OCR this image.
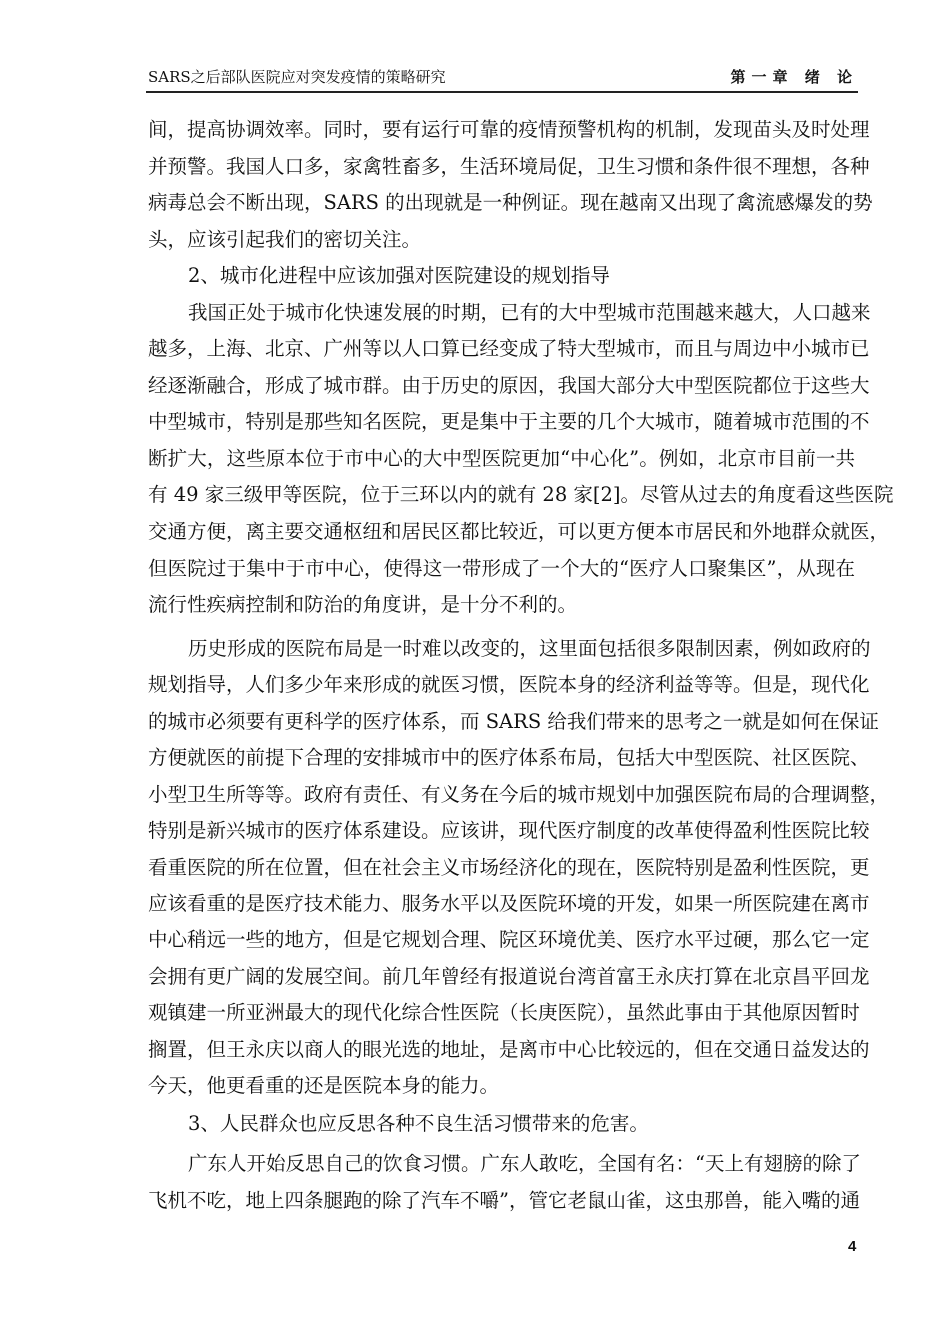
SARS之后部队医院应对突发疫情的策略研究	第一章 绪 论
间，提高协调效率。同时，要有运行可靠的疫情预警机构的机制，发现苗头及时处理
并预警。我国人口多，家禽牲畜多，生活环境局促，卫生习惯和条件很不理想，各种
病毒总会不断出现，SARS 的出现就是一种例证。现在越南又出现了禽流感爆发的势
头，应该引起我们的密切关注。
2、城市化进程中应该加强对医院建设的规划指导
我国正处于城市化快速发展的时期，已有的大中型城市范围越来越大，人口越来
越多，上海、北京、广州等以人口算已经变成了特大型城市，而且与周边中小城市已
经逐渐融合，形成了城市群。由于历史的原因，我国大部分大中型医院都位于这些大
中型城市，特别是那些知名医院，更是集中于主要的几个大城市，随着城市范围的不
断扩大，这些原本位于市中心的大中型医院更加“中心化”。例如，北京市目前一共
有 49 家三级甲等医院，位于三环以内的就有 28 家[2]。尽管从过去的角度看这些医院
交通方便，离主要交通枢纽和居民区都比较近，可以更方便本市居民和外地群众就医，
但医院过于集中于市中心，使得这一带形成了一个大的“医疗人口聚集区”，从现在
流行性疾病控制和防治的角度讲，是十分不利的。
历史形成的医院布局是一时难以改变的，这里面包括很多限制因素，例如政府的
规划指导，人们多少年来形成的就医习惯，医院本身的经济利益等等。但是，现代化
的城市必须要有更科学的医疗体系，而 SARS 给我们带来的思考之一就是如何在保证
方便就医的前提下合理的安排城市中的医疗体系布局，包括大中型医院、社区医院、
小型卫生所等等。政府有责任、有义务在今后的城市规划中加强医院布局的合理调整，
特别是新兴城市的医疗体系建设。应该讲，现代医疗制度的改革使得盈利性医院比较
看重医院的所在位置，但在社会主义市场经济化的现在，医院特别是盈利性医院，更
应该看重的是医疗技术能力、服务水平以及医院环境的开发，如果一所医院建在离市
中心稍远一些的地方，但是它规划合理、院区环境优美、医疗水平过硬，那么它一定
会拥有更广阔的发展空间。前几年曾经有报道说台湾首富王永庆打算在北京昌平回龙
观镇建一所亚洲最大的现代化综合性医院（长庚医院），虽然此事由于其他原因暂时
搁置，但王永庆以商人的眼光选的地址，是离市中心比较远的，但在交通日益发达的
今天，他更看重的还是医院本身的能力。
3、人民群众也应反思各种不良生活习惯带来的危害。
广东人开始反思自己的饮食习惯。广东人敢吃，全国有名：“天上有翅膀的除了
飞机不吃，地上四条腿跑的除了汽车不嚼”，管它老鼠山雀，这虫那兽，能入嘴的通
4
